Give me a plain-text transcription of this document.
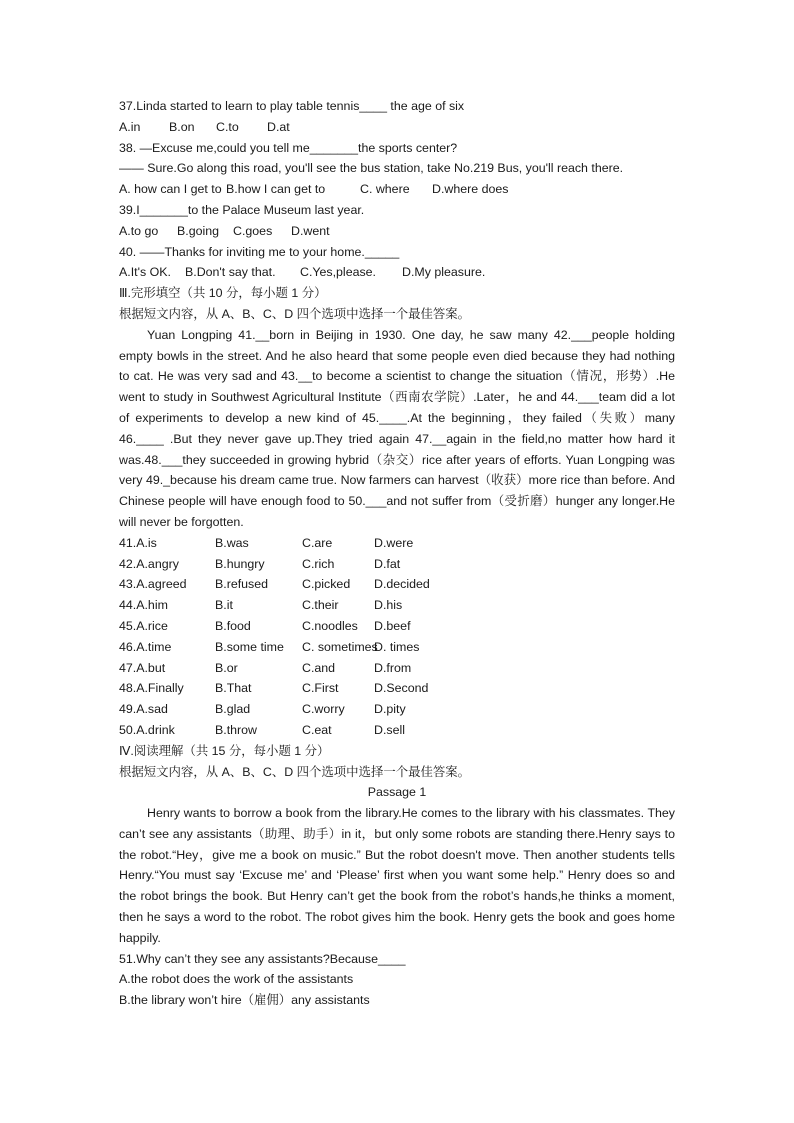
37.Linda started to learn to play table tennis____ the age of six
A.in B.on C.to D.at
38. —Excuse me,could you tell me_______the sports center?
—— Sure.Go along this road, you'll see the bus station, take No.219 Bus, you'll reach there.
A. how can I get to B.how I can get to	C. where D.where does
39.I_______to the Palace Museum last year.
A.to go B.going C.goes D.went
40. ——Thanks for inviting me to your home._____
A.It's OK. B.Don't say that. C.Yes,please. D.My pleasure.
Ⅲ.完形填空（共 10 分，每小题 1 分）
根据短文内容，从 A、B、C、D 四个选项中选择一个最佳答案。

Yuan Longping 41.__born in Beijing in 1930. One day, he saw many 42.___people holding empty bowls in the street. And he also heard that some people even died because they had nothing to cat. He was very sad and 43.__to become a scientist to change the situation（情况，形势）.He went to study in Southwest Agricultural Institute（西南农学院）.Later，he and 44.___team did a lot of experiments to develop a new kind of 45.____.At the beginning，they failed（失败）many 46.____ .But they never gave up.They tried again 47.__again in the field,no matter how hard it was.48.___they succeeded in growing hybrid（杂交）rice after years of efforts. Yuan Longping was very 49._because his dream came true. Now farmers can harvest（收获）more rice than before. And Chinese people will have enough food to 50.___and not suffer from（受折磨）hunger any longer.He will never be forgotten.

41.A.is	B.was	C.are	D.were
42.A.angry	B.hungry	C.rich	D.fat
43.A.agreed B.refused	C.picked D.decided
44.A.him	B.it	C.their	D.his
45.A.rice	B.food	C.noodles D.beef
46.A.time	B.some time C. sometimesD. times
47.A.but	B.or	C.and	D.from
48.A.Finally	B.That	C.First	D.Second
49.A.sad	B.glad	C.worry D.pity
50.A.drink	B.throw	C.eat	D.sell
Ⅳ.阅读理解（共 15 分，每小题 1 分）
根据短文内容，从 A、B、C、D 四个选项中选择一个最佳答案。
Passage 1

Henry wants to borrow a book from the library.He comes to the library with his classmates. They can’t see any assistants（助理、助手）in it，but only some robots are standing there.Henry says to the robot.“Hey，give me a book on music.” But the robot doesn't move. Then another students tells Henry.“You must say ‘Excuse me’ and ‘Please’ first when you want some help.” Henry does so and the robot brings the book. But Henry can’t get the book from the robot’s hands,he thinks a moment, then he says a word to the robot. The robot gives him the book. Henry gets the book and goes home happily.

51.Why can’t they see any assistants?Because____
A.the robot does the work of the assistants
B.the library won’t hire（雇佣）any assistants
